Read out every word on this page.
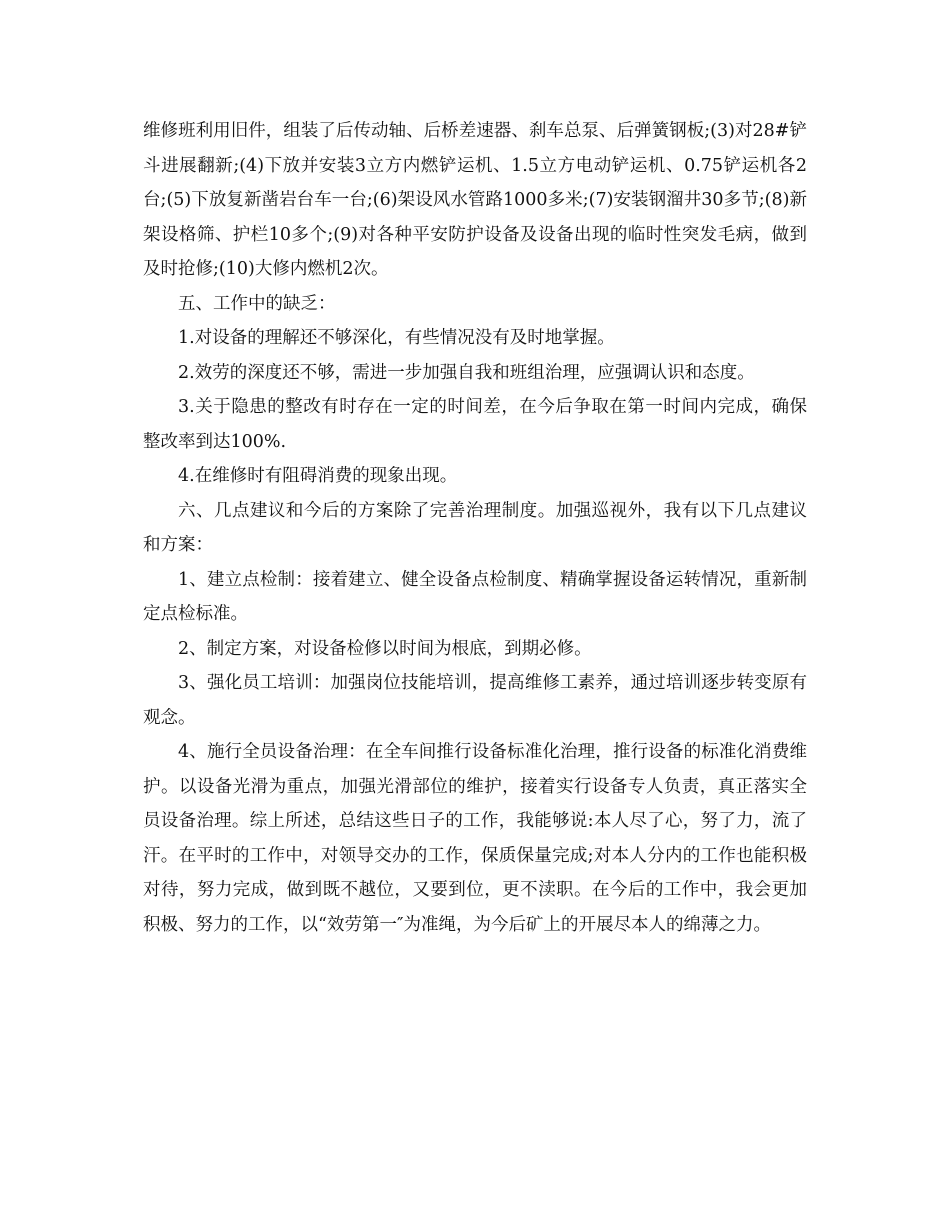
维修班利用旧件，组装了后传动轴、后桥差速器、刹车总泵、后弹簧钢板;(3)对28#铲斗进展翻新;(4)下放并安装3立方内燃铲运机、1.5立方电动铲运机、0.75铲运机各2台;(5)下放复新凿岩台车一台;(6)架设风水管路1000多米;(7)安装钢溜井30多节;(8)新架设格筛、护栏10多个;(9)对各种平安防护设备及设备出现的临时性突发毛病，做到及时抢修;(10)大修内燃机2次。

五、工作中的缺乏：

1.对设备的理解还不够深化，有些情况没有及时地掌握。

2.效劳的深度还不够，需进一步加强自我和班组治理，应强调认识和态度。

3.关于隐患的整改有时存在一定的时间差，在今后争取在第一时间内完成，确保整改率到达100%.

4.在维修时有阻碍消费的现象出现。

六、几点建议和今后的方案除了完善治理制度。加强巡视外，我有以下几点建议和方案：

1、建立点检制：接着建立、健全设备点检制度、精确掌握设备运转情况，重新制定点检标准。

2、制定方案，对设备检修以时间为根底，到期必修。

3、强化员工培训：加强岗位技能培训，提高维修工素养，通过培训逐步转变原有观念。

4、施行全员设备治理：在全车间推行设备标准化治理，推行设备的标准化消费维护。以设备光滑为重点，加强光滑部位的维护，接着实行设备专人负责，真正落实全员设备治理。综上所述，总结这些日子的工作，我能够说:本人尽了心，努了力，流了汗。在平时的工作中，对领导交办的工作，保质保量完成;对本人分内的工作也能积极对待，努力完成，做到既不越位，又要到位，更不渎职。在今后的工作中，我会更加积极、努力的工作，以“效劳第一″为准绳，为今后矿上的开展尽本人的绵薄之力。
